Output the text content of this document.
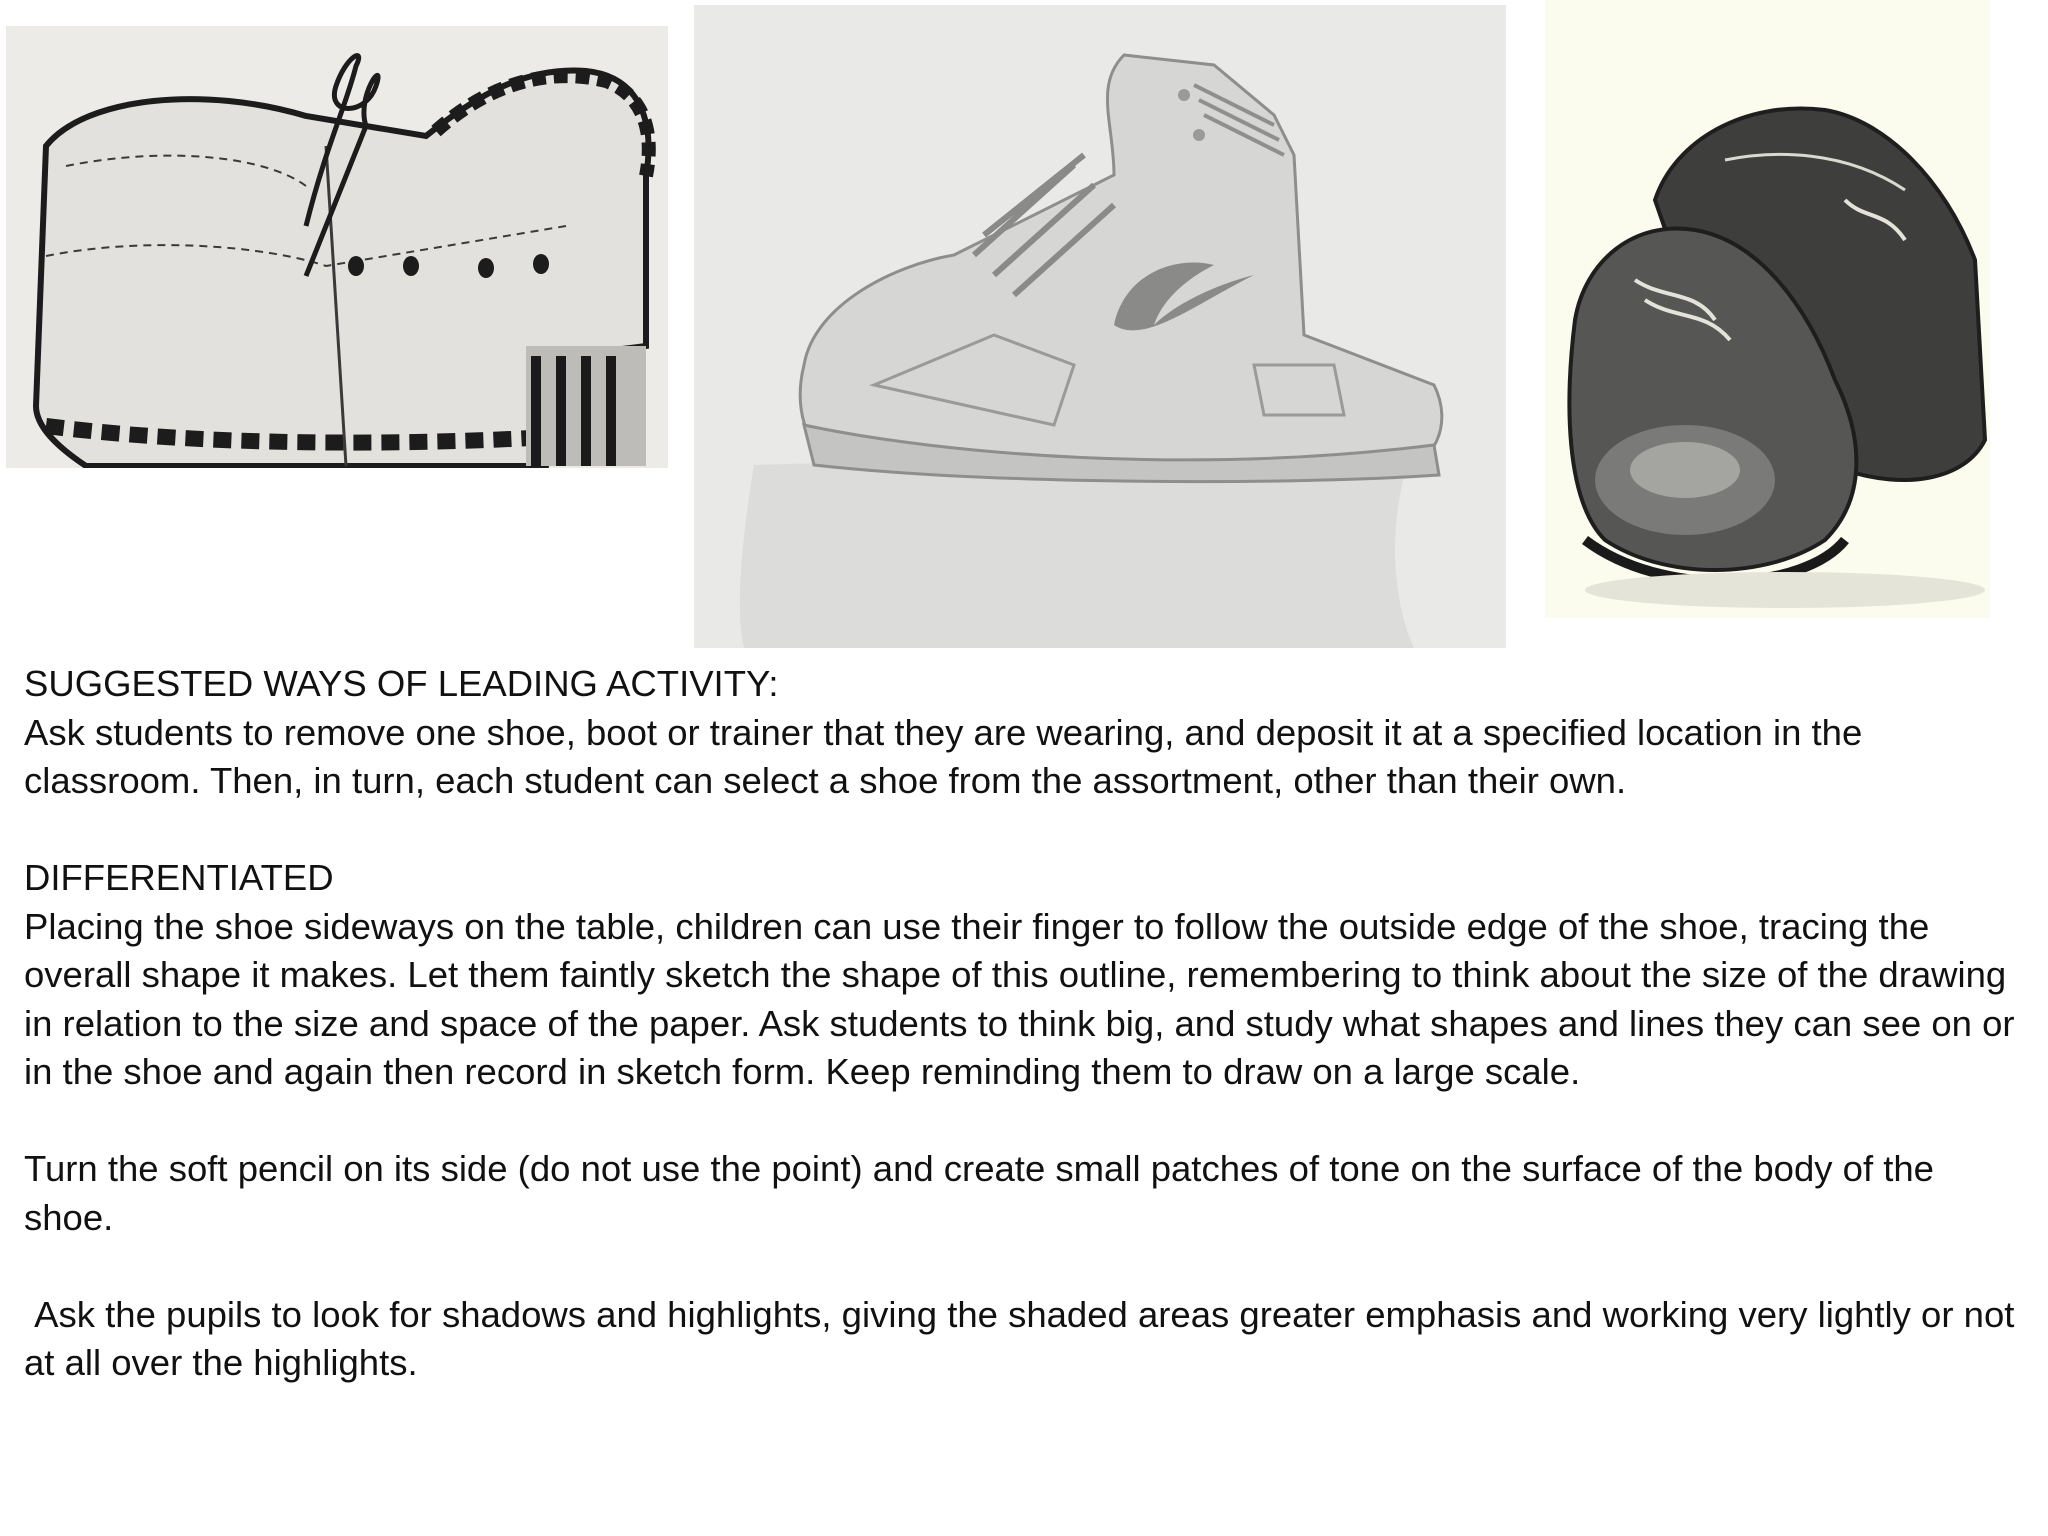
SUGGESTED WAYS OF LEADING ACTIVITY:

Ask students to remove one shoe, boot or trainer that they are wearing, and deposit it at a specified location in the classroom. Then, in turn, each student can select a shoe from the assortment, other than their own.

DIFFERENTIATED

Placing the shoe sideways on the table, children can use their finger to follow the outside edge of the shoe, tracing the overall shape it makes. Let them faintly sketch the shape of this outline, remembering to think about the size of the drawing in relation to the size and space of the paper. Ask students to think big, and study what shapes and lines they can see on or in the shoe and again then record in sketch form. Keep reminding them to draw on a large scale.

Turn the soft pencil on its side (do not use the point) and create small patches of tone on the surface of the body of the shoe.

Ask the pupils to look for shadows and highlights, giving the shaded areas greater emphasis and working very lightly or not at all over the highlights.
